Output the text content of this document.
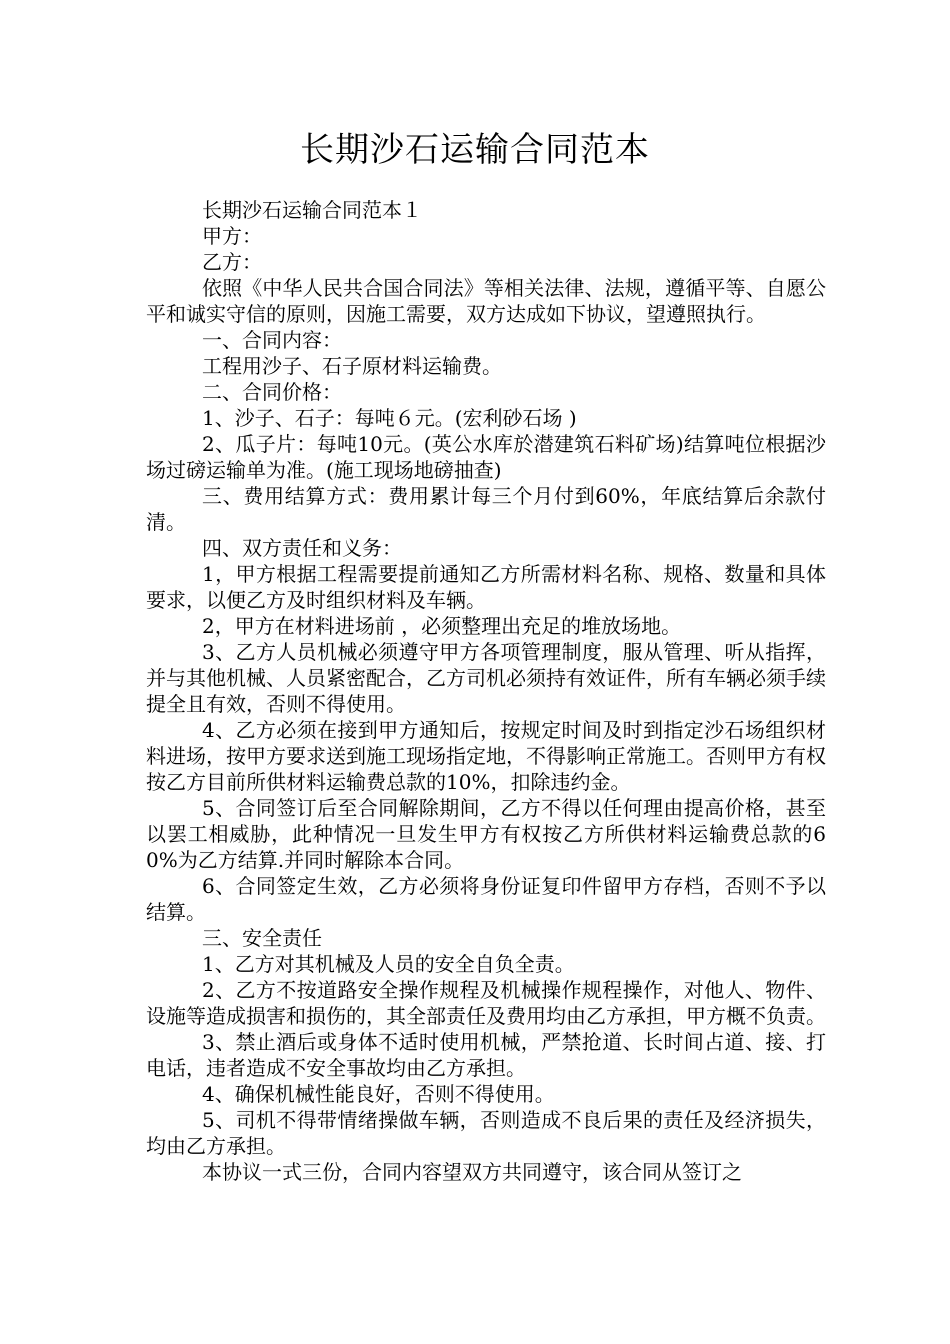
长期沙石运输合同范本

长期沙石运输合同范本１

甲方：

乙方：

依照《中华人民共合国合同法》等相关法律、法规，遵循平等、自愿公平和诚实守信的原则，因施工需要，双方达成如下协议，望遵照执行。

一、合同内容：

工程用沙子、石子原材料运输费。

二、合同价格：

1、沙子、石子：每吨６元。(宏利砂石场 )

2、瓜子片：每吨10元。(英公水库於潜建筑石料矿场)结算吨位根据沙场过磅运输单为准。(施工现场地磅抽查)

三、费用结算方式：费用累计每三个月付到60%，年底结算后余款付清。

四、双方责任和义务：

1，甲方根据工程需要提前通知乙方所需材料名称、规格、数量和具体要求，以便乙方及时组织材料及车辆。

2，甲方在材料进场前 ，必须整理出充足的堆放场地。

3、乙方人员机械必须遵守甲方各项管理制度，服从管理、听从指挥，并与其他机械、人员紧密配合，乙方司机必须持有效证件，所有车辆必须手续提全且有效，否则不得使用。

4、乙方必须在接到甲方通知后，按规定时间及时到指定沙石场组织材料进场，按甲方要求送到施工现场指定地，不得影响正常施工。否则甲方有权按乙方目前所供材料运输费总款的10%，扣除违约金。

5、合同签订后至合同解除期间，乙方不得以任何理由提高价格，甚至以罢工相威胁，此种情况一旦发生甲方有权按乙方所供材料运输费总款的60%为乙方结算.并同时解除本合同。

6、合同签定生效，乙方必须将身份证复印件留甲方存档，否则不予以结算。

三、安全责任

1、乙方对其机械及人员的安全自负全责。

2、乙方不按道路安全操作规程及机械操作规程操作，对他人、物件、设施等造成损害和损伤的，其全部责任及费用均由乙方承担，甲方概不负责。

3、禁止酒后或身体不适时使用机械，严禁抢道、长时间占道、接、打电话，违者造成不安全事故均由乙方承担。

4、确保机械性能良好，否则不得使用。

5、司机不得带情绪操做车辆，否则造成不良后果的责任及经济损失，均由乙方承担。

本协议一式三份，合同内容望双方共同遵守，该合同从签订之
